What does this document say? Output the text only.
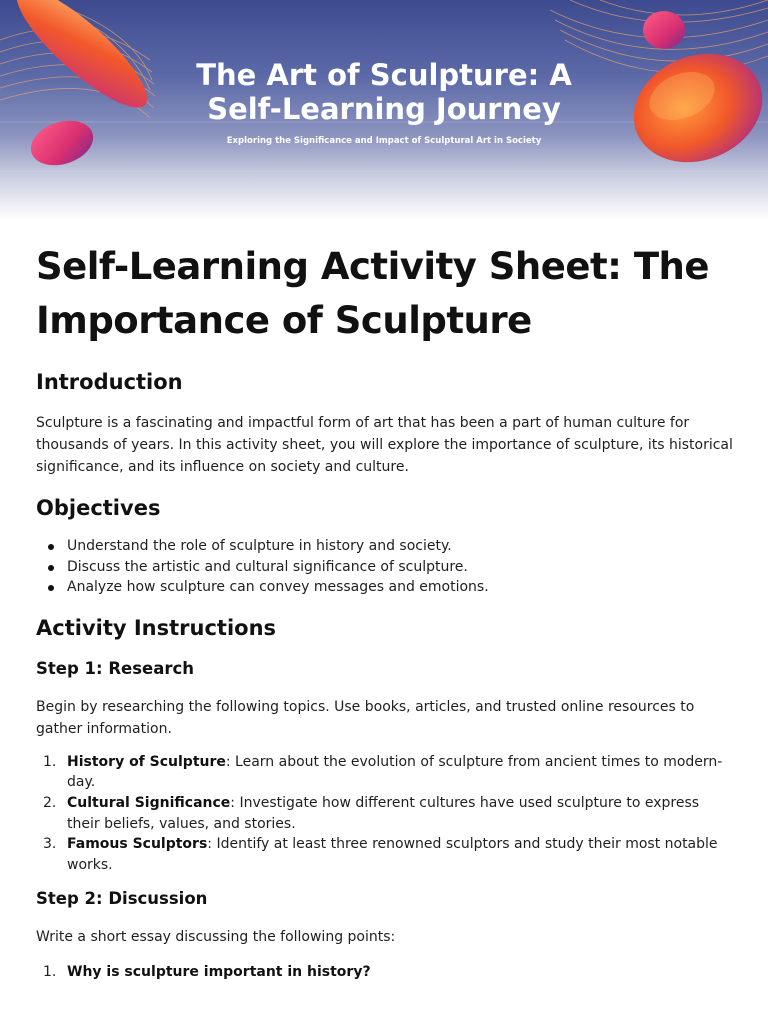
The Art of Sculpture: A
Self-Learning Journey
Exploring the Significance and Impact of Sculptural Art in Society
Self-Learning Activity Sheet: The
Importance of Sculpture
Introduction

Sculpture is a fascinating and impactful form of art that has been a part of human culture for thousands of years. In this activity sheet, you will explore the importance of sculpture, its historical significance, and its influence on society and culture.

Objectives
Understand the role of sculpture in history and society.
Discuss the artistic and cultural significance of sculpture.
Analyze how sculpture can convey messages and emotions.
Activity Instructions
Step 1: Research

Begin by researching the following topics. Use books, articles, and trusted online resources to gather information.

1. History of Sculpture: Learn about the evolution of sculpture from ancient times to modern-day.
2. Cultural Significance: Investigate how different cultures have used sculpture to express their beliefs, values, and stories.
3. Famous Sculptors: Identify at least three renowned sculptors and study their most notable works.
Step 2: Discussion

Write a short essay discussing the following points:

1. Why is sculpture important in history?
